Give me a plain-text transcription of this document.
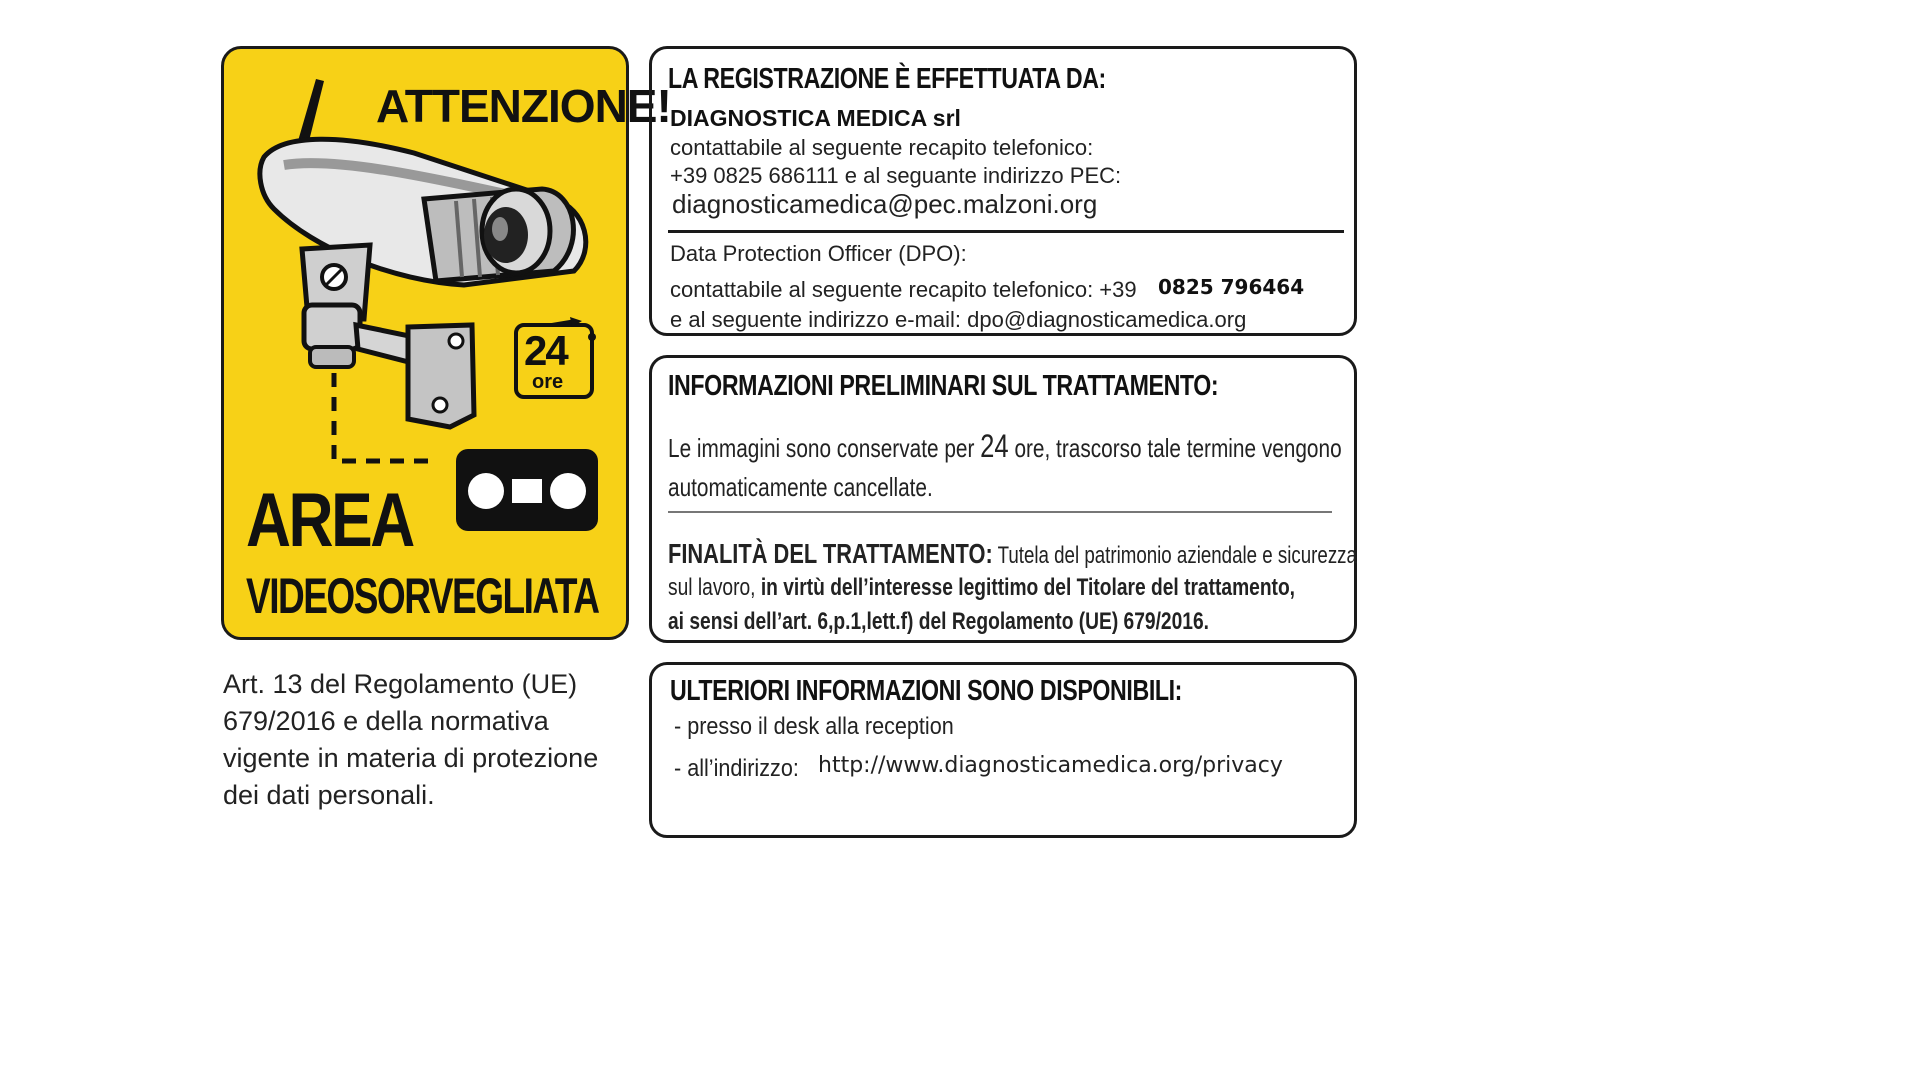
ATTENZIONE!
24
ore
AREA
VIDEOSORVEGLIATA
Art. 13 del Regolamento (UE) 679/2016 e della normativa vigente in materia di protezione dei dati personali.
LA REGISTRAZIONE È EFFETTUATA DA:
DIAGNOSTICA MEDICA srl
contattabile al seguente recapito telefonico:
+39 0825 686111 e al seguante indirizzo PEC:
diagnosticamedica@pec.malzoni.org
Data Protection Officer (DPO):
contattabile al seguente recapito telefonico: +39 0825 796464
e al seguente indirizzo e-mail: dpo@diagnosticamedica.org
INFORMAZIONI PRELIMINARI SUL TRATTAMENTO:
Le immagini sono conservate per 24 ore, trascorso tale termine vengono
automaticamente cancellate.
FINALITÀ DEL TRATTAMENTO: Tutela del patrimonio aziendale e sicurezza
sul lavoro, in virtù dell’interesse legittimo del Titolare del trattamento,
ai sensi dell’art. 6,p.1,lett.f) del Regolamento (UE) 679/2016.
ULTERIORI INFORMAZIONI SONO DISPONIBILI:
- presso il desk alla reception
- all’indirizzo: http://www.diagnosticamedica.org/privacy
